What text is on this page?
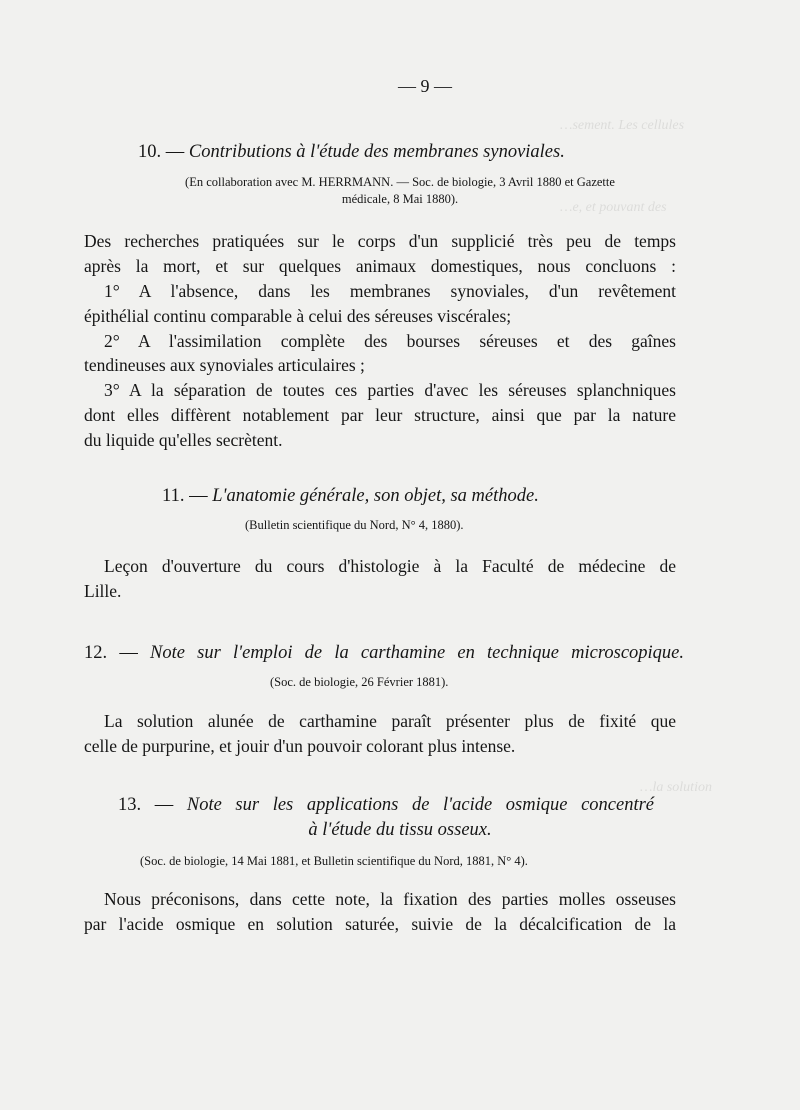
…sement. Les cellules
…e, et pouvant des
…la solution
— 9 —
10. — Contributions à l'étude des membranes synoviales.
(En collaboration avec M. HERRMANN. — Soc. de biologie, 3 Avril 1880 et Gazette
médicale, 8 Mai 1880).
Des recherches pratiquées sur le corps d'un supplicié très peu de temps
après la mort, et sur quelques animaux domestiques, nous concluons :
1° A l'absence, dans les membranes synoviales, d'un revêtement
épithélial continu comparable à celui des séreuses viscérales;
2° A l'assimilation complète des bourses séreuses et des gaînes
tendineuses aux synoviales articulaires ;
3° A la séparation de toutes ces parties d'avec les séreuses splanchniques
dont elles diffèrent notablement par leur structure, ainsi que par la nature
du liquide qu'elles secrètent.
11. — L'anatomie générale, son objet, sa méthode.
(Bulletin scientifique du Nord, N° 4, 1880).
Leçon d'ouverture du cours d'histologie à la Faculté de médecine de
Lille.
12. — Note sur l'emploi de la carthamine en technique microscopique.
(Soc. de biologie, 26 Février 1881).
La solution alunée de carthamine paraît présenter plus de fixité que
celle de purpurine, et jouir d'un pouvoir colorant plus intense.
13. — Note sur les applications de l'acide osmique concentré
à l'étude du tissu osseux.
(Soc. de biologie, 14 Mai 1881, et Bulletin scientifique du Nord, 1881, N° 4).
Nous préconisons, dans cette note, la fixation des parties molles osseuses
par l'acide osmique en solution saturée, suivie de la décalcification de la
